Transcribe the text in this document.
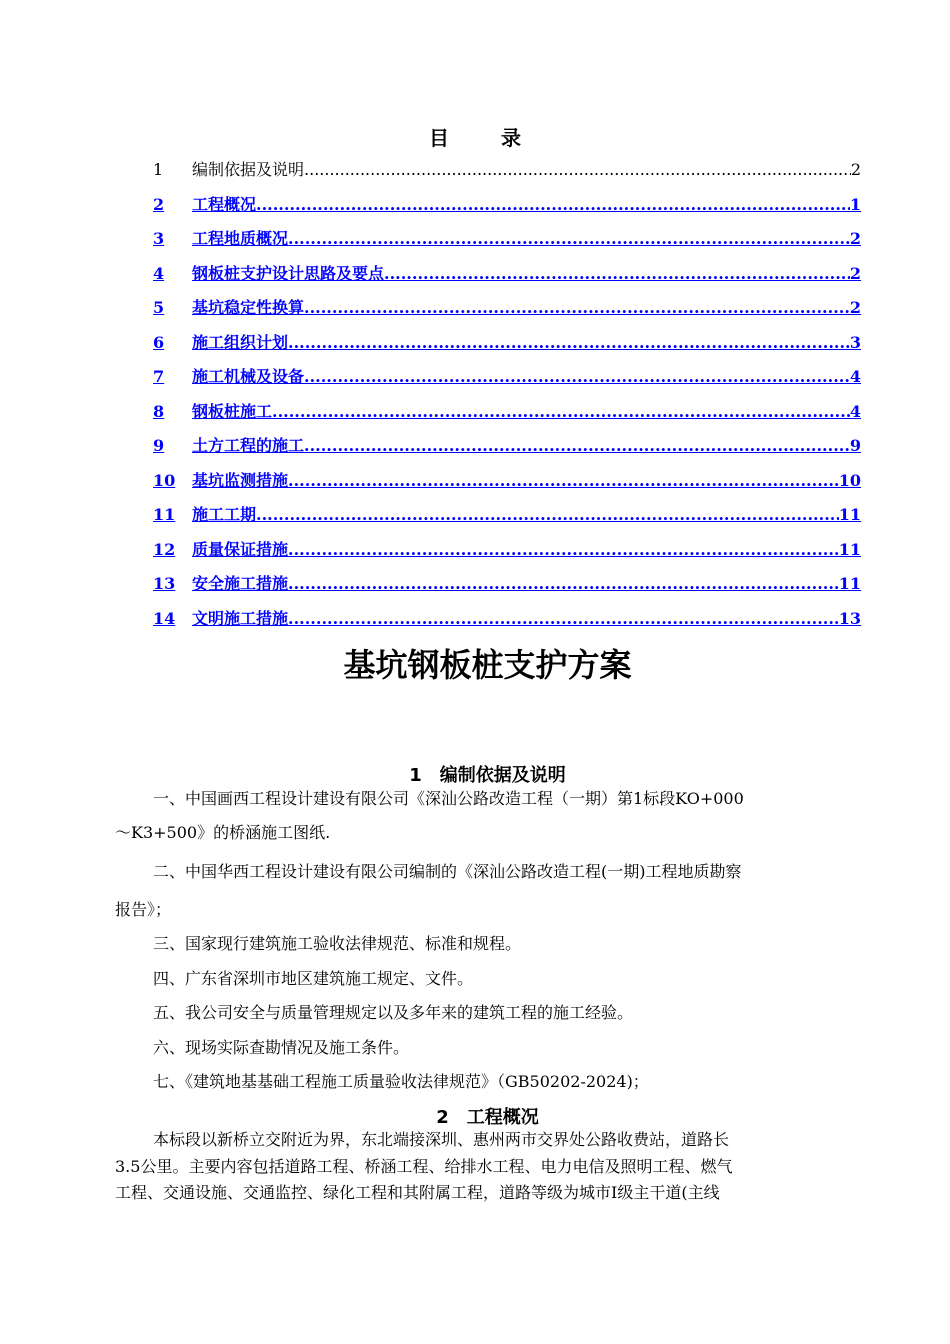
目	录
1	编制依据及说明 .....	2
2	工程概况 .....	1
3	工程地质概况 .....	2
4	钢板桩支护设计思路及要点 .....	2
5	基坑稳定性换算 .....	2
6	施工组织计划 .....	3
7	施工机械及设备 .....	4
8	钢板桩施工 .....	4
9	土方工程的施工 .....	9
10	基坑监测措施 .....	10
11	施工工期 .....	11
12	质量保证措施 .....	11
13	安全施工措施 .....	11
14	文明施工措施 .....	13
基坑钢板桩支护方案
1 编制依据及说明
一、中国画西工程设计建设有限公司《深汕公路改造工程（一期）第1标段KO+000
～K3+500》的桥涵施工图纸.
二、中国华西工程设计建设有限公司编制的《深汕公路改造工程(一期)工程地质勘察
报告》；
三、国家现行建筑施工验收法律规范、标准和规程。
四、广东省深圳市地区建筑施工规定、文件。
五、我公司安全与质量管理规定以及多年来的建筑工程的施工经验。
六、现场实际查勘情况及施工条件。
七、《建筑地基基础工程施工质量验收法律规范》（GB50202-2024)；
2 工程概况
本标段以新桥立交附近为界，东北端接深圳、惠州两市交界处公路收费站，道路长
3.5公里。主要内容包括道路工程、桥涵工程、给排水工程、电力电信及照明工程、燃气
工程、交通设施、交通监控、绿化工程和其附属工程，道路等级为城市Ⅰ级主干道(主线
